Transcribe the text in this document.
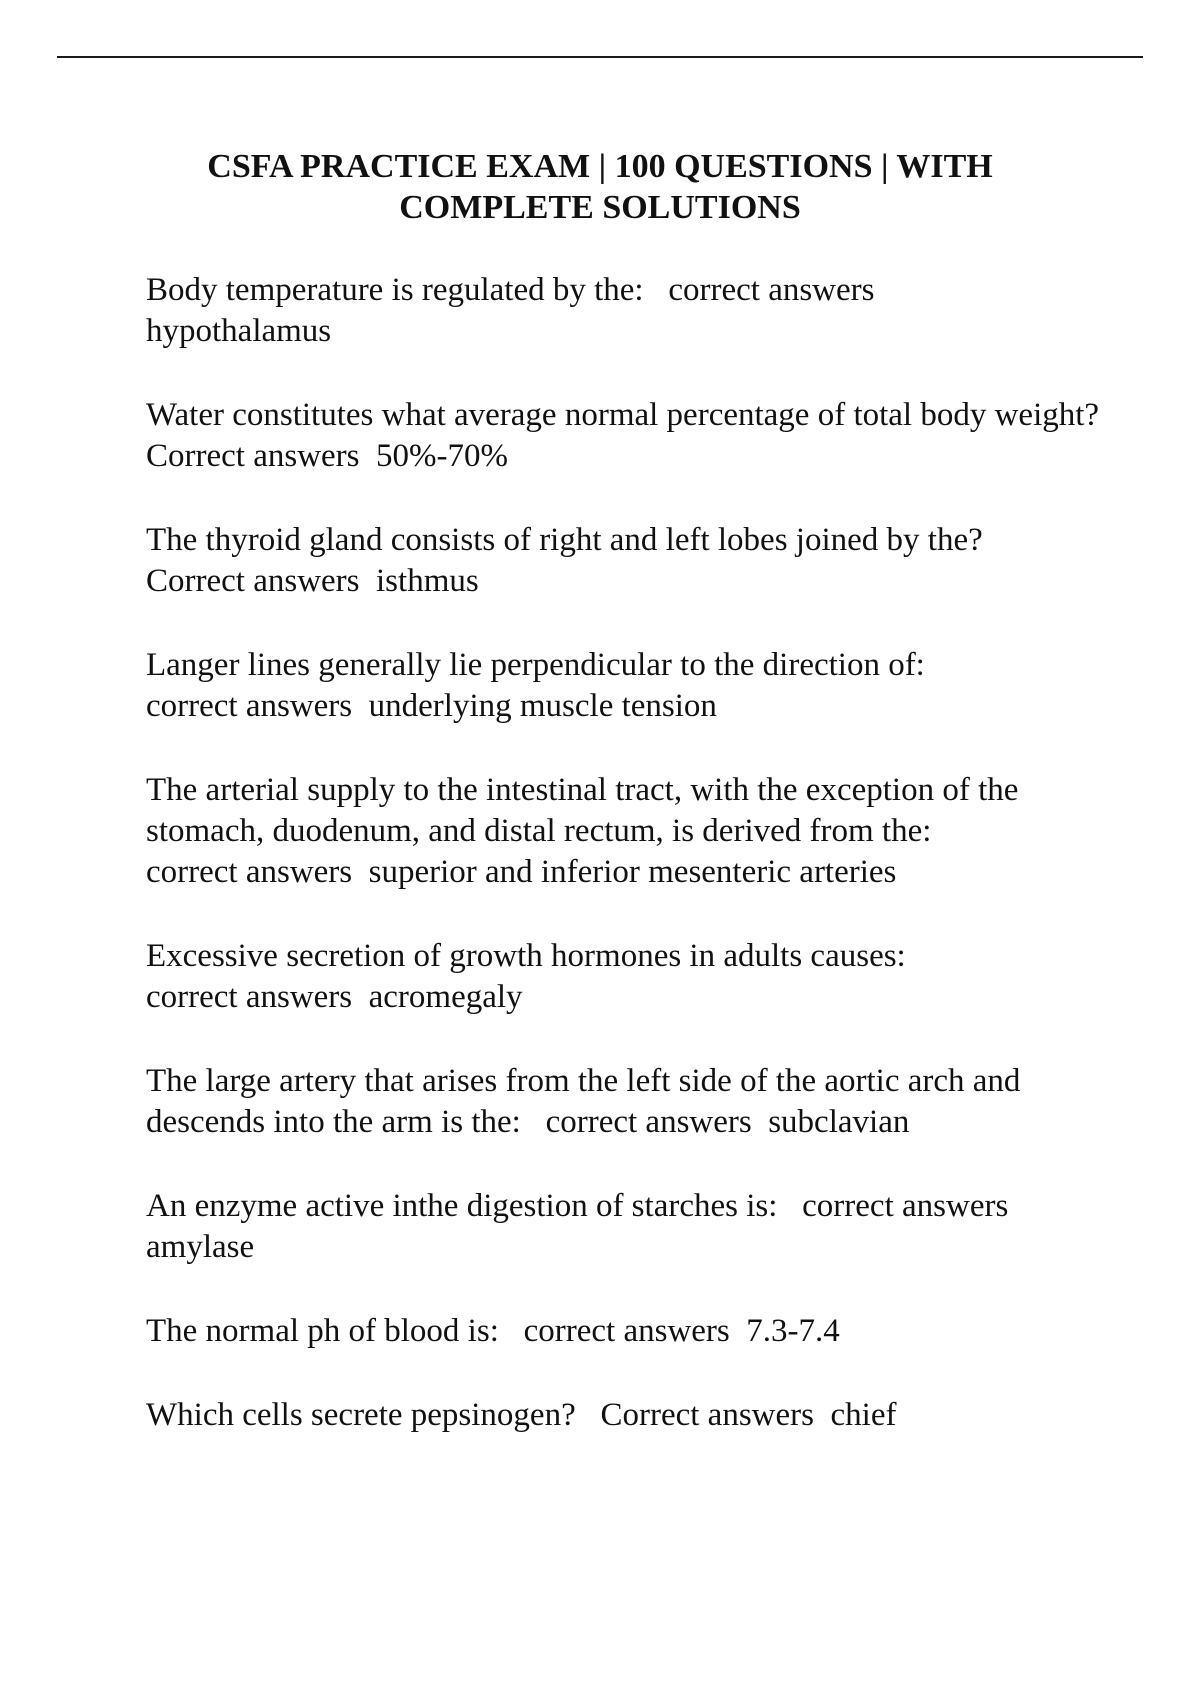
CSFA PRACTICE EXAM | 100 QUESTIONS | WITH
COMPLETE SOLUTIONS

Body temperature is regulated by the: correct answers
hypothalamus

Water constitutes what average normal percentage of total body weight?   Correct answers 50%-70%

The thyroid gland consists of right and left lobes joined by the?
Correct answers isthmus

Langer lines generally lie perpendicular to the direction of:
correct answers underlying muscle tension

The arterial supply to the intestinal tract, with the exception of the stomach, duodenum, and distal rectum, is derived from the:
correct answers superior and inferior mesenteric arteries

Excessive secretion of growth hormones in adults causes:
correct answers acromegaly

The large artery that arises from the left side of the aortic arch and descends into the arm is the: correct answers subclavian

An enzyme active inthe digestion of starches is: correct answers  amylase

The normal ph of blood is: correct answers 7.3-7.4

Which cells secrete pepsinogen? Correct answers chief
